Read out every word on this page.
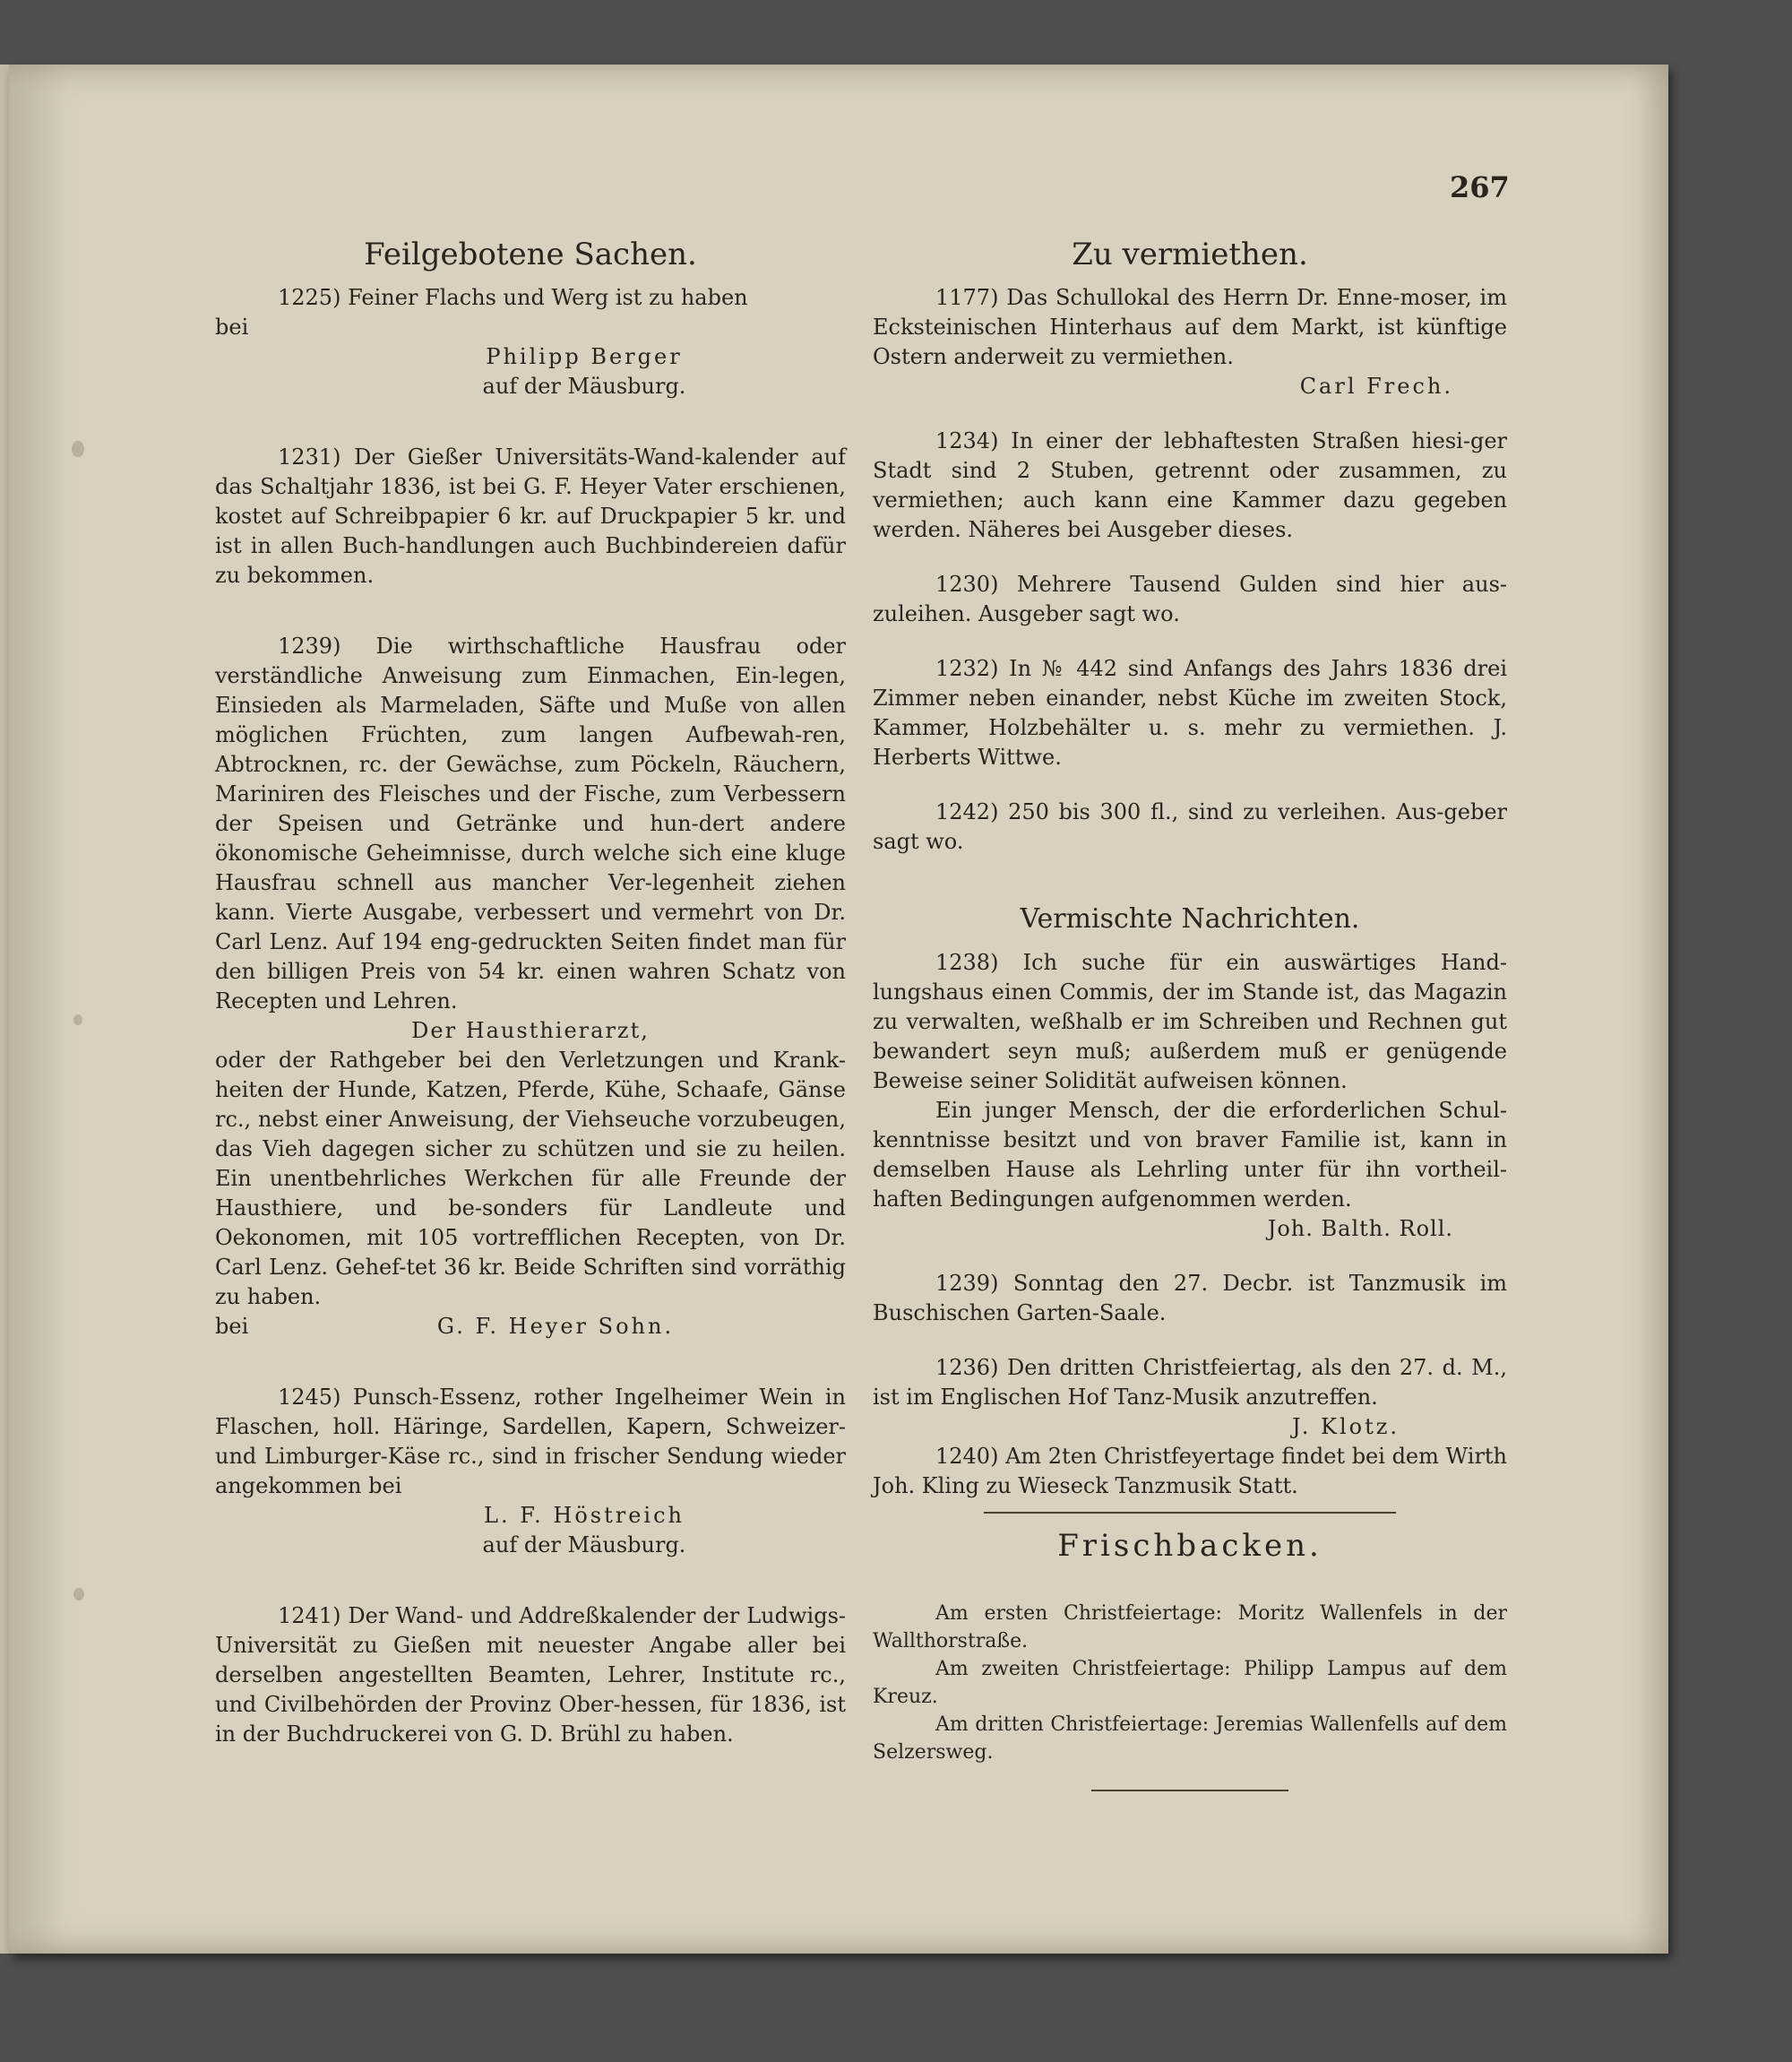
267
Feilgebotene Sachen.

1225) Feiner Flachs und Werg ist zu haben

bei

Philipp Berger

auf der Mäusburg.

1231) Der Gießer Universitäts-Wand-kalender auf das Schaltjahr 1836, ist bei G. F. Heyer Vater erschienen, kostet auf Schreibpapier 6 kr. auf Druckpapier 5 kr. und ist in allen Buch-handlungen auch Buchbindereien dafür zu bekommen.

1239) Die wirthschaftliche Hausfrau oder verständliche Anweisung zum Einmachen, Ein-legen, Einsieden als Marmeladen, Säfte und Muße von allen möglichen Früchten, zum langen Aufbewah-ren, Abtrocknen, rc. der Gewächse, zum Pöckeln, Räuchern, Mariniren des Fleisches und der Fische, zum Verbessern der Speisen und Getränke und hun-dert andere ökonomische Geheimnisse, durch welche sich eine kluge Hausfrau schnell aus mancher Ver-legenheit ziehen kann. Vierte Ausgabe, verbessert und vermehrt von Dr. Carl Lenz. Auf 194 eng-gedruckten Seiten findet man für den billigen Preis von 54 kr. einen wahren Schatz von Recepten und Lehren.

Der Hausthierarzt,

oder der Rathgeber bei den Verletzungen und Krank-heiten der Hunde, Katzen, Pferde, Kühe, Schaafe, Gänse rc., nebst einer Anweisung, der Viehseuche vorzubeugen, das Vieh dagegen sicher zu schützen und sie zu heilen. Ein unentbehrliches Werkchen für alle Freunde der Hausthiere, und be-sonders für Landleute und Oekonomen, mit 105 vortrefflichen Recepten, von Dr. Carl Lenz. Gehef-tet 36 kr. Beide Schriften sind vorräthig zu haben.

bei	G. F. Heyer Sohn.

1245) Punsch-Essenz, rother Ingelheimer Wein in Flaschen, holl. Häringe, Sardellen, Kapern, Schweizer- und Limburger-Käse rc., sind in frischer Sendung wieder angekommen bei

L. F. Höstreich

auf der Mäusburg.

1241) Der Wand- und Addreßkalender der Ludwigs-Universität zu Gießen mit neuester Angabe aller bei derselben angestellten Beamten, Lehrer, Institute rc., und Civilbehörden der Provinz Ober-hessen, für 1836, ist in der Buchdruckerei von G. D. Brühl zu haben.

Zu vermiethen.

1177) Das Schullokal des Herrn Dr. Enne-moser, im Ecksteinischen Hinterhaus auf dem Markt, ist künftige Ostern anderweit zu vermiethen.

Carl Frech.

1234) In einer der lebhaftesten Straßen hiesi-ger Stadt sind 2 Stuben, getrennt oder zusammen, zu vermiethen; auch kann eine Kammer dazu gegeben werden. Näheres bei Ausgeber dieses.

1230) Mehrere Tausend Gulden sind hier aus-zuleihen. Ausgeber sagt wo.

1232) In № 442 sind Anfangs des Jahrs 1836 drei Zimmer neben einander, nebst Küche im zweiten Stock, Kammer, Holzbehälter u. s. mehr zu vermiethen. J. Herberts Wittwe.

1242) 250 bis 300 fl., sind zu verleihen. Aus-geber sagt wo.

Vermischte Nachrichten.

1238) Ich suche für ein auswärtiges Hand-lungshaus einen Commis, der im Stande ist, das Magazin zu verwalten, weßhalb er im Schreiben und Rechnen gut bewandert seyn muß; außerdem muß er genügende Beweise seiner Solidität aufweisen können.

Ein junger Mensch, der die erforderlichen Schul-kenntnisse besitzt und von braver Familie ist, kann in demselben Hause als Lehrling unter für ihn vortheil-haften Bedingungen aufgenommen werden.

Joh. Balth. Roll.

1239) Sonntag den 27. Decbr. ist Tanzmusik im Buschischen Garten-Saale.

1236) Den dritten Christfeiertag, als den 27. d. M., ist im Englischen Hof Tanz-Musik anzutreffen.

J. Klotz.

1240) Am 2ten Christfeyertage findet bei dem Wirth Joh. Kling zu Wieseck Tanzmusik Statt.

Frischbacken.

Am ersten Christfeiertage: Moritz Wallenfels in der Wallthorstraße.

Am zweiten Christfeiertage: Philipp Lampus auf dem Kreuz.

Am dritten Christfeiertage: Jeremias Wallenfells auf dem Selzersweg.
